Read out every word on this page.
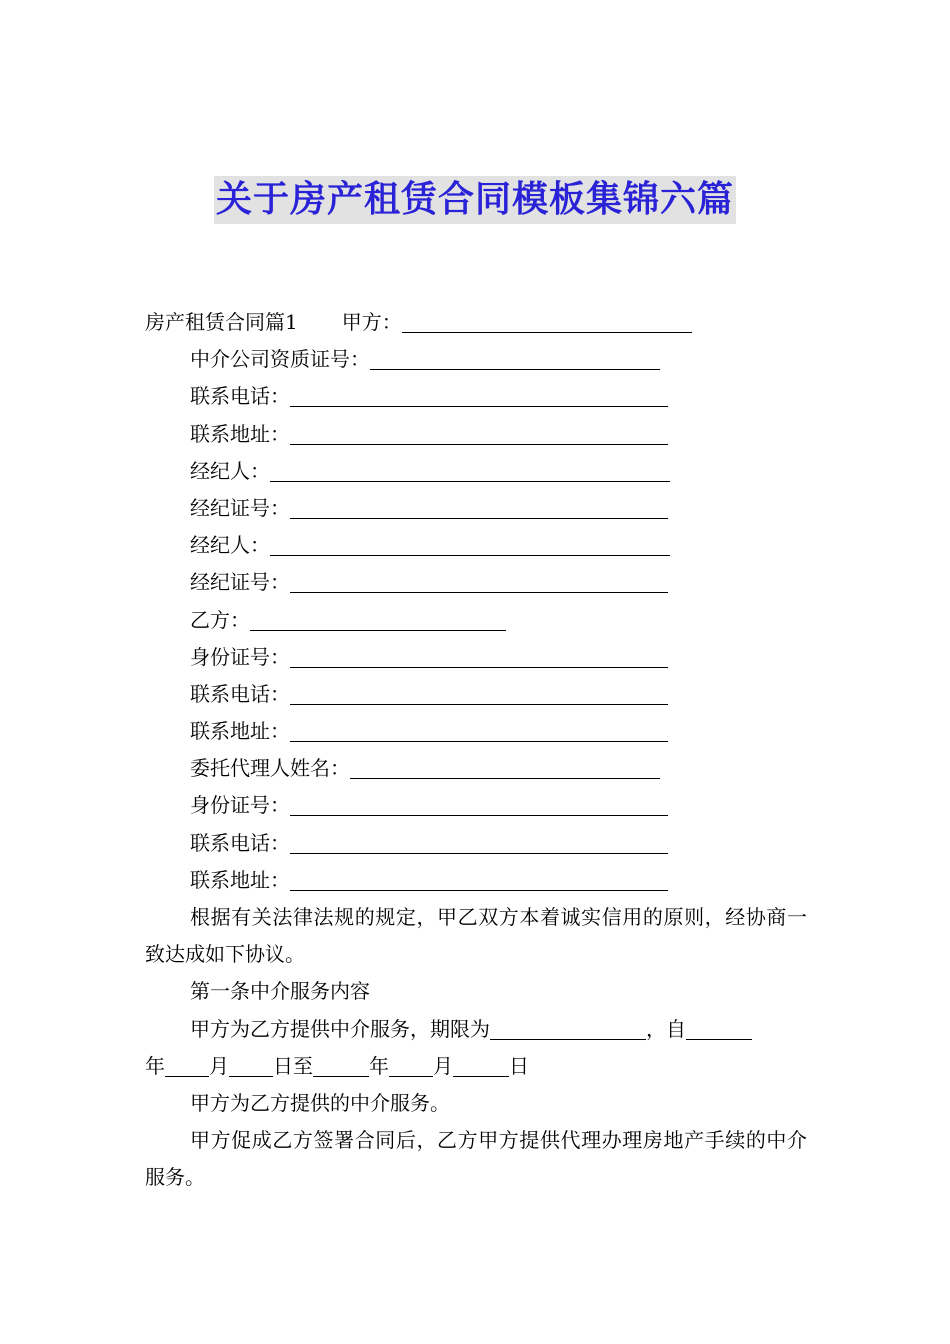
关于房产租赁合同模板集锦六篇
房产租赁合同篇1 甲方：
中介公司资质证号：
联系电话：
联系地址：
经纪人：
经纪证号：
经纪人：
经纪证号：
乙方：
身份证号：
联系电话：
联系地址：
委托代理人姓名：
身份证号：
联系电话：
联系地址：
根据有关法律法规的规定，甲乙双方本着诚实信用的原则，经协商一致达成如下协议。
第一条中介服务内容
甲方为乙方提供中介服务，期限为	，自
年 月 日至	年 月	日
甲方为乙方提供的中介服务。
甲方促成乙方签署合同后，乙方甲方提供代理办理房地产手续的中介服务。
